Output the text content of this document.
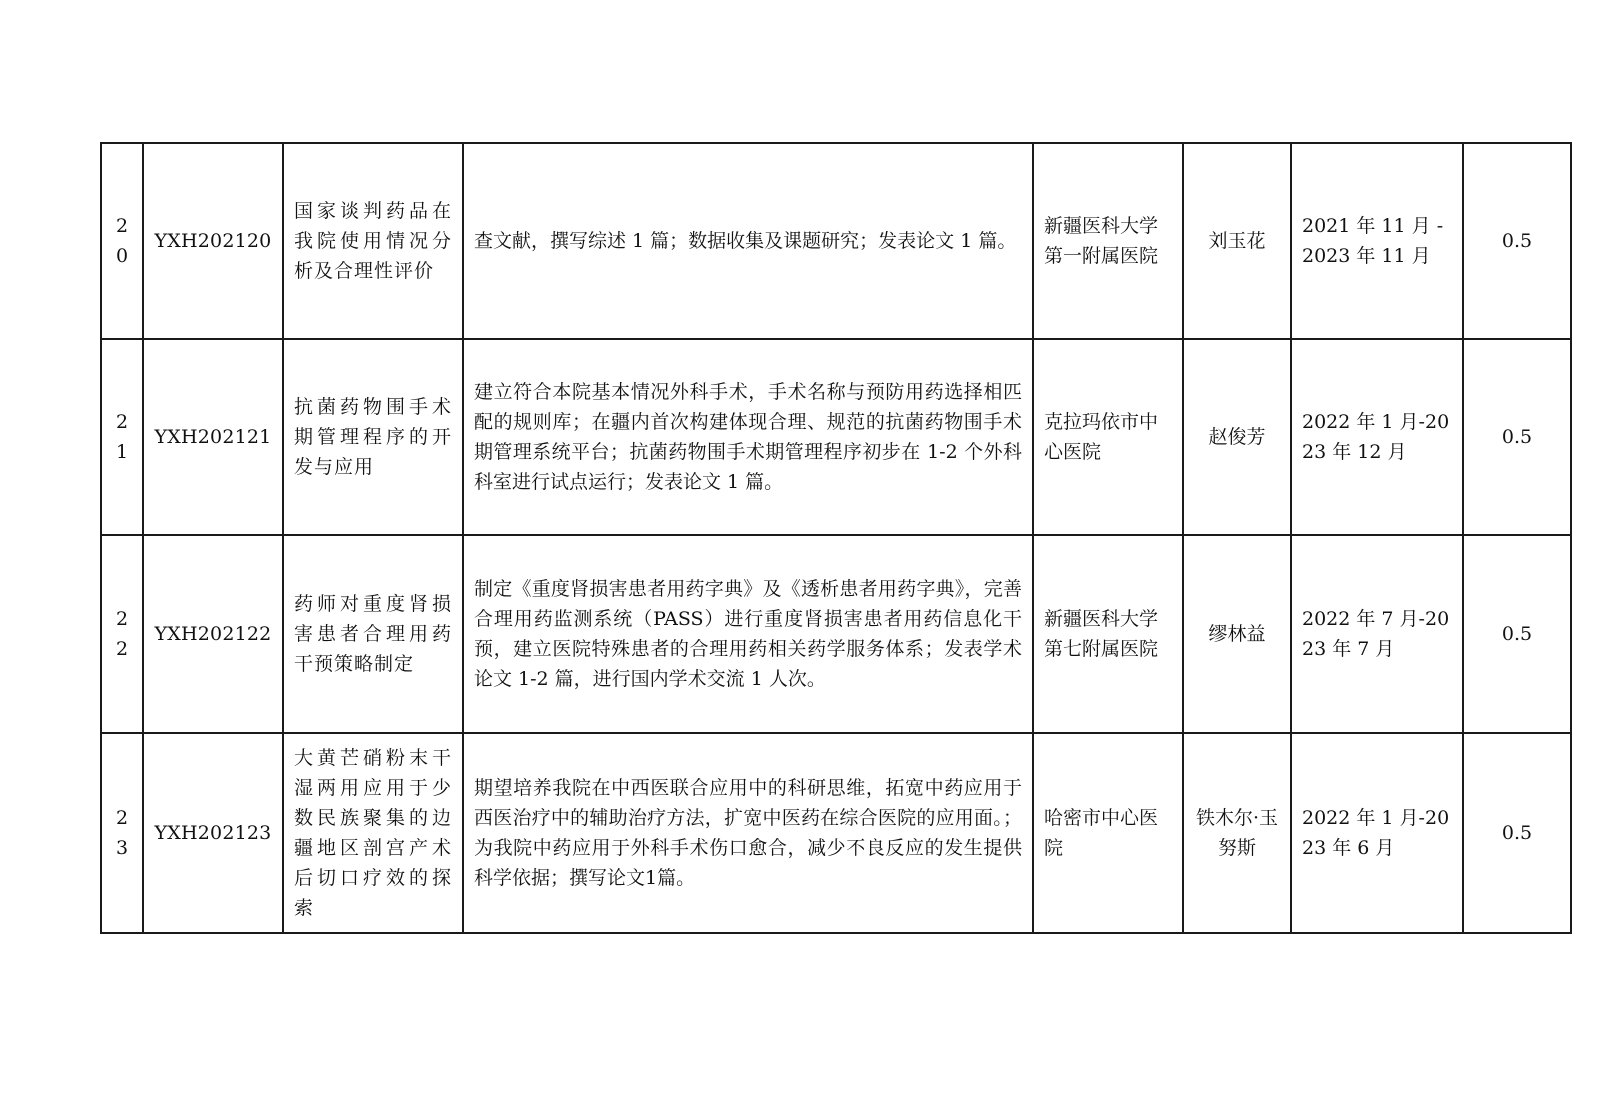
20	YXH202120	国家谈判药品在我院使用情况分析及合理性评价	查文献，撰写综述 1 篇；数据收集及课题研究；发表论文 1 篇。	新疆医科大学第一附属医院	刘玉花	2021 年 11 月 -2023 年 11 月	0.5
21	YXH202121	抗菌药物围手术期管理程序的开发与应用	建立符合本院基本情况外科手术，手术名称与预防用药选择相匹配的规则库；在疆内首次构建体现合理、规范的抗菌药物围手术期管理系统平台；抗菌药物围手术期管理程序初步在 1-2 个外科科室进行试点运行；发表论文 1 篇。	克拉玛依市中心医院	赵俊芳	2022 年 1 月-2023 年 12 月	0.5
22	YXH202122	药师对重度肾损害患者合理用药干预策略制定	制定《重度肾损害患者用药字典》及《透析患者用药字典》，完善合理用药监测系统（PASS）进行重度肾损害患者用药信息化干预，建立医院特殊患者的合理用药相关药学服务体系；发表学术论文 1-2 篇，进行国内学术交流 1 人次。	新疆医科大学第七附属医院	缪林益	2022 年 7 月-2023 年 7 月	0.5
23	YXH202123	大黄芒硝粉末干湿两用应用于少数民族聚集的边疆地区剖宫产术后切口疗效的探索	期望培养我院在中西医联合应用中的科研思维，拓宽中药应用于西医治疗中的辅助治疗方法，扩宽中医药在综合医院的应用面。；为我院中药应用于外科手术伤口愈合，减少不良反应的发生提供科学依据；撰写论文1篇。	哈密市中心医院	铁木尔·玉努斯	2022 年 1 月-2023 年 6 月	0.5
